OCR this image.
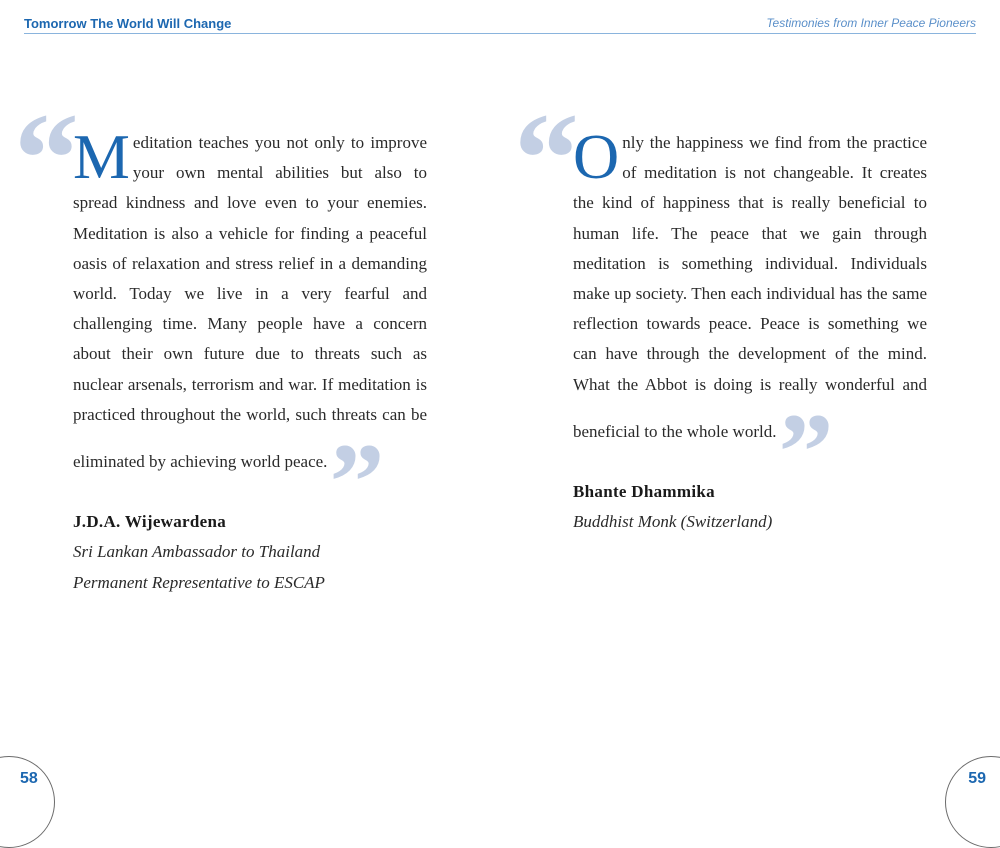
Tomorrow The World Will Change	Testimonies from Inner Peace Pioneers
“

Meditation teaches you not only to improve your own mental abilities but also to spread kindness and love even to your enemies. Meditation is also a vehicle for finding a peaceful oasis of relaxation and stress relief in a demanding world. Today we live in a very fearful and challenging time. Many people have a concern about their own future due to threats such as nuclear arsenals, terrorism and war. If meditation is practiced throughout the world, such threats can be eliminated by achieving world peace.”

J.D.A. Wijewardena
Sri Lankan Ambassador to Thailand
Permanent Representative to ESCAP
“

Only the happiness we find from the practice of meditation is not changeable. It creates the kind of happiness that is really beneficial to human life. The peace that we gain through meditation is something individual. Individuals make up society. Then each individual has the same reflection towards peace. Peace is something we can have through the development of the mind. What the Abbot is doing is really wonderful and beneficial to the whole world.”

Bhante Dhammika
Buddhist Monk (Switzerland)
58	59
